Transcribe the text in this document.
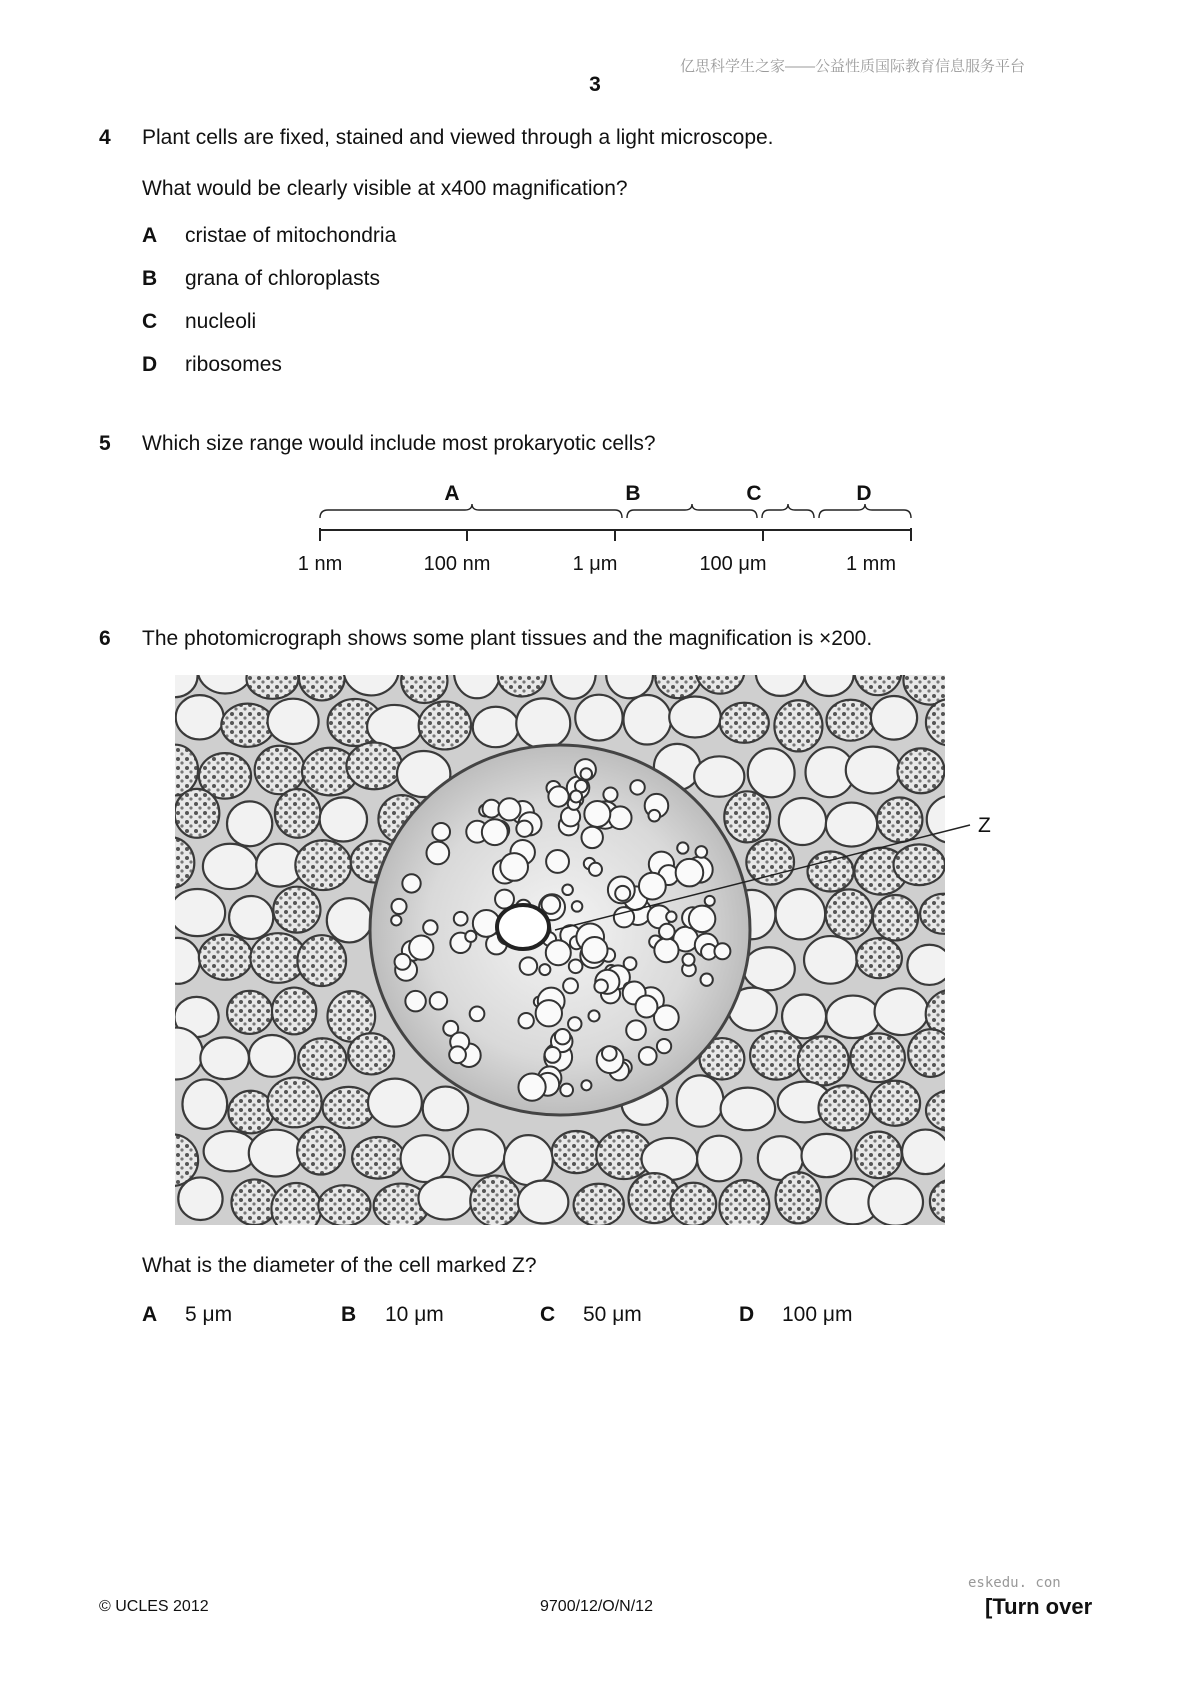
亿思科学生之家——公益性质国际教育信息服务平台
3
4 Plant cells are fixed, stained and viewed through a light microscope.
What would be clearly visible at x400 magnification?
A cristae of mitochondria
B grana of chloroplasts
C nucleoli
D ribosomes
5 Which size range would include most prokaryotic cells?
A	B	C	D
1 nm	100 nm	1 μm	100 μm	1 mm
6 The photomicrograph shows some plant tissues and the magnification is ×200.
Z
What is the diameter of the cell marked Z?
A 5 μm	B 10 μm	C 50 μm	D 100 μm
eskedu. con
© UCLES 2012	9700/12/O/N/12	[Turn over
